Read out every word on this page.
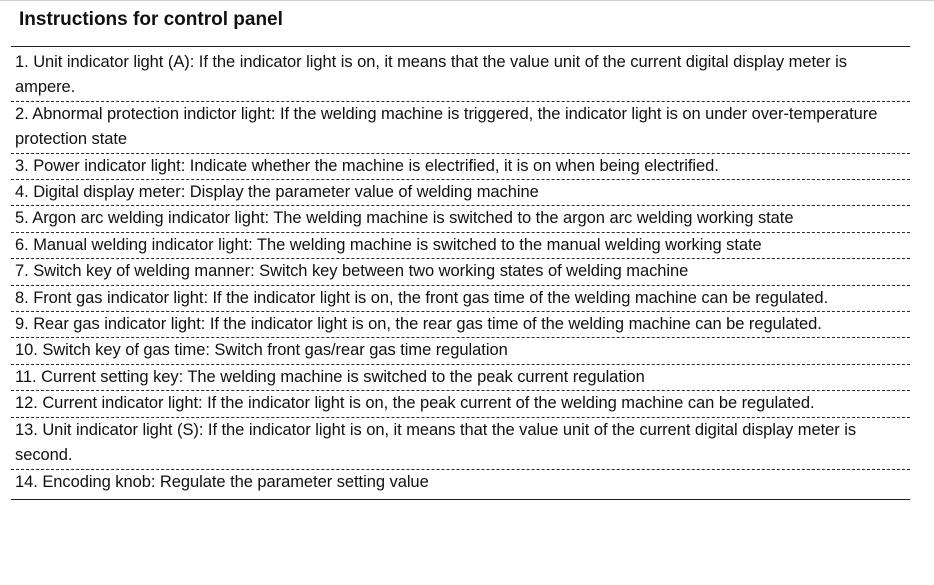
Instructions for control panel
1. Unit indicator light (A): If the indicator light is on, it means that the value unit of the current digital display meter is ampere.
2. Abnormal protection indictor light: If the welding machine is triggered, the indicator light is on under over-temperature protection state
3. Power indicator light: Indicate whether the machine is electrified, it is on when being electrified.
4. Digital display meter: Display the parameter value of welding machine
5. Argon arc welding indicator light: The welding machine is switched to the argon arc welding working state
6. Manual welding indicator light: The welding machine is switched to the manual welding working state
7. Switch key of welding manner: Switch key between two working states of welding machine
8. Front gas indicator light: If the indicator light is on, the front gas time of the welding machine can be regulated.
9. Rear gas indicator light: If the indicator light is on, the rear gas time of the welding machine can be regulated.
10. Switch key of gas time: Switch front gas/rear gas time regulation
11. Current setting key: The welding machine is switched to the peak current regulation
12. Current indicator light: If the indicator light is on, the peak current of the welding machine can be regulated.
13. Unit indicator light (S): If the indicator light is on, it means that the value unit of the current digital display meter is second.
14. Encoding knob: Regulate the parameter setting value
